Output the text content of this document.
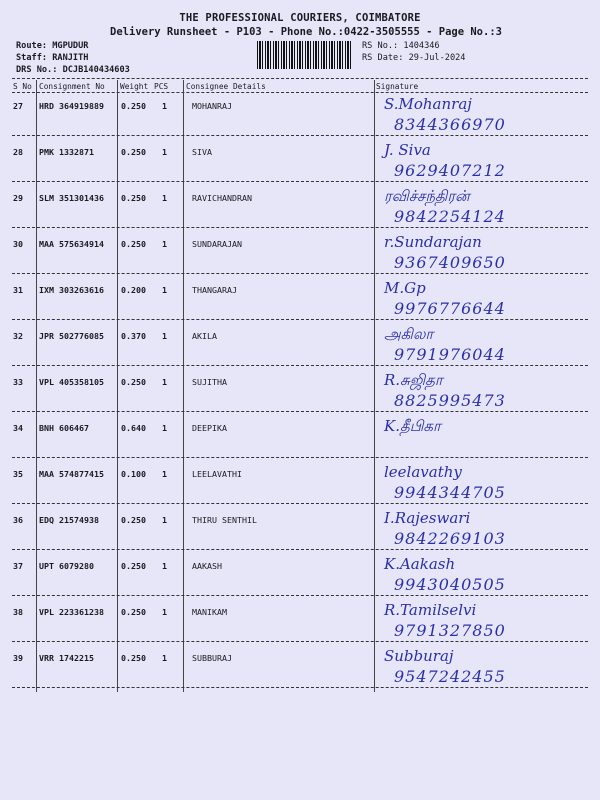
THE PROFESSIONAL COURIERS, COIMBATORE
Delivery Runsheet - P103 - Phone No.:0422-3505555 - Page No.:3
Route: MGPUDUR
Staff: RANJITH
DRS No.: DCJB140434603
RS No.: 1404346
RS Date: 29-Jul-2024
S No Consignment No Weight PCS Consignee Details	Signature
27 HRD 364919889 0.250 1	MOHANRAJ	S.Mohanraj
8344366970
28 PMK 1332871	0.250 1	SIVA	J. Siva
9629407212
29 SLM 351301436 0.250 1	RAVICHANDRAN	ரவிச்சந்திரன்
9842254124
30 MAA 575634914 0.250 1	SUNDARAJAN	r.Sundarajan
9367409650
31 IXM 303263616 0.200 1	THANGARAJ	M.Gp
9976776644
32 JPR 502776085 0.370 1	AKILA	அகிலா
9791976044
33 VPL 405358105 0.250 1	SUJITHA	R.சுஜிதா
8825995473
34 BNH 606467	0.640 1	DEEPIKA	K.தீபிகா
35 MAA 574877415 0.100 1	LEELAVATHI	leelavathy
9944344705
36 EDQ 21574938	0.250 1	THIRU SENTHIL	I.Rajeswari
9842269103
37 UPT 6079280	0.250 1	AAKASH	K.Aakash
9943040505
38 VPL 223361238 0.250 1	MANIKAM	R.Tamilselvi
9791327850
39 VRR 1742215	0.250 1	SUBBURAJ	Subburaj
9547242455
